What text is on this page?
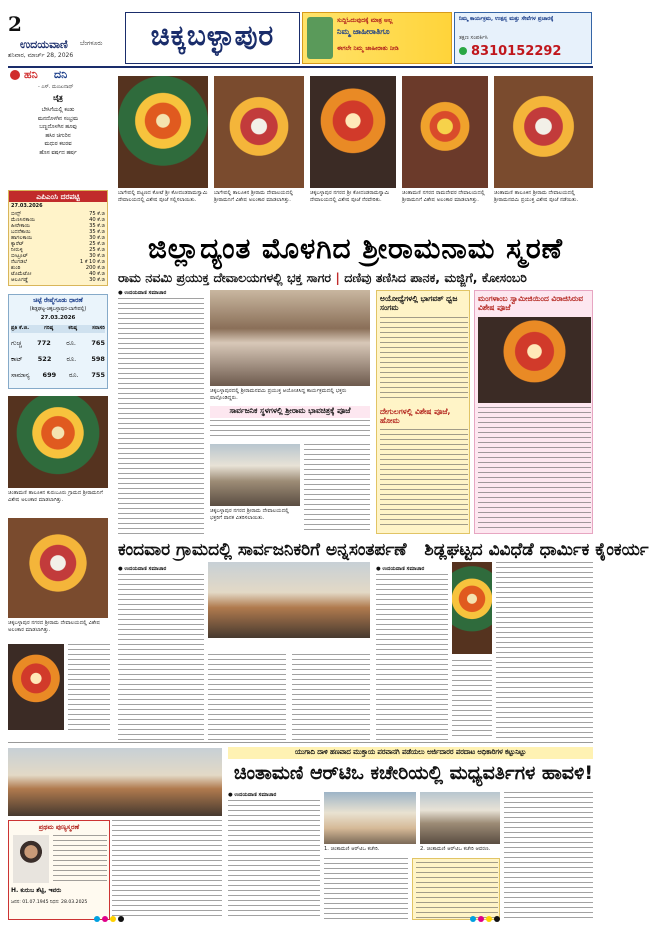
2
ಉದಯವಾಣಿ ಬೆಂಗಳೂರು
ಶನಿವಾರ, ಮಾರ್ಚ್ 28, 2026
ಚಿಕ್ಕಬಳ್ಳಾಪುರ	ಸುದ್ದಿಓದುವುದಕ್ಕೆ ಮಾತ್ರ ಅಲ್ಲ
ನಿಮ್ಮ ಜಾಹೀರಾತಿಗೂ
ಈಗಲೇ ನಿಮ್ಮ ಜಾಹೀರಾತು ನೀಡಿ
ನಿಮ್ಮ ಕಾರ್ಯಕ್ರಮ, ಉತ್ಪನ್ನ ಮತ್ತು ಸೇವೆಗಳ ಪ್ರಚಾರಕ್ಕೆ
ತಕ್ಷಣ ಸಂಪರ್ಕಿಸಿ
8310152292
ಹನಿ ದನಿ
- ಎಸ್. ಮಂಜುನಾಥ್
ಚೈತ್ರ
ಬೇಸಿಗೆಯಲ್ಲಿ ಕಂಡು
ಮನದೊಳಗಿನ ಸಂಭ್ರಮ
ಬಣ್ಣದೊಳಗಿನ ಹೂವು
ಹಸಿರ ಚಿಗುರಿನ
ಮಧುರ ಕಲರವ
ಹೊಸ ವರ್ಷದ ಹರ್ಷ
ಎಪಿಎಂಸಿ ದರಪಟ್ಟಿ
27.03.2026
ಬೀನ್ಸ್	75 ಕೆ.ಜಿ
ಮೆಣಸಿನಕಾಯಿ	40 ಕೆ.ಜಿ
ಹೀರೇಕಾಯಿ	35 ಕೆ.ಜಿ
ಬದನೆಕಾಯಿ	35 ಕೆ.ಜಿ
ಹಾಗಲಕಾಯಿ	30 ಕೆ.ಜಿ
ಕ್ಯಾರೆಟ್	25 ಕೆ.ಜಿ
ನೀರುಳ್ಳಿ	25 ಕೆ.ಜಿ
ಬೀಟ್ರೂಟ್	30 ಕೆ.ಜಿ
ನೆಲಗಡಲೆ	1 ಕೆ 10 ಕೆ.ಜಿ
ಶುಂಠಿ	200 ಕೆ.ಜಿ
ಟೊಮೆಟೋ	40 ಕೆ.ಜಿ
ಆಲೂಗಡ್ಡೆ	30 ಕೆ.ಜಿ
ಚಿಟ್ಟೆ ರೇಷ್ಮೆಗೂಡು ಧಾರಣೆ
(ಶಿಡ್ಲಘಟ್ಟ-ಚಿಕ್ಕಬಳ್ಳಾಪುರ-ಬಾಗೇಪಲ್ಲಿ)
27.03.2026
ಪ್ರತಿ ಕೆ.ಜಿ.	ಗರಿಷ್ಠ	ಕನಿಷ್ಠ	ಸರಾಸರಿ
ಗುಚ್ಚ 772 ರೂ. 765
ಕಾಟ್ 522 ರೂ. 598
ಸಾಮಾನ್ಯ 699 ರೂ. 755
ಚಿಂತಾಮಣಿ ತಾಲೂಕಿನ ಕುರುಬೂರು ಗ್ರಾಮದ ಶ್ರೀರಾಮನಿಗೆ ವಿಶೇಷ ಅಲಂಕಾರ ಮಾಡಲಾಗಿತ್ತು.
ಚಿಕ್ಕಬಳ್ಳಾಪುರ ನಗರದ ಶ್ರೀರಾಮ ದೇವಾಲಯದಲ್ಲಿ ವಿಶೇಷ ಅಲಂಕಾರ ಮಾಡಲಾಗಿತ್ತು.
ಬಾಗೇಪಲ್ಲಿ ಪಟ್ಟಣದ ಕೋಟೆ ಶ್ರೀ ಕೋದಂಡರಾಮಸ್ವಾಮಿ ದೇವಾಲಯದಲ್ಲಿ ವಿಶೇಷ ಪೂಜೆ ಸಲ್ಲಿಸಲಾಯಿತು.
ಬಾಗೇಪಲ್ಲಿ ತಾಲೂಕಿನ ಶ್ರೀರಾಮ ದೇವಾಲಯದಲ್ಲಿ ಶ್ರೀರಾಮನಿಗೆ ವಿಶೇಷ ಅಲಂಕಾರ ಮಾಡಲಾಗಿತ್ತು.
ಚಿಕ್ಕಬಳ್ಳಾಪುರ ನಗರದ ಶ್ರೀ ಕೋದಂಡರಾಮಸ್ವಾಮಿ ದೇವಾಲಯದಲ್ಲಿ ವಿಶೇಷ ಪೂಜೆ ನೆರವೇರಿತು.
ಚಿಂತಾಮಣಿ ನಗರದ ರಾಮದೇವರ ದೇವಾಲಯದಲ್ಲಿ ಶ್ರೀರಾಮನಿಗೆ ವಿಶೇಷ ಅಲಂಕಾರ ಮಾಡಲಾಗಿತ್ತು.
ಚಿಂತಾಮಣಿ ತಾಲೂಕಿನ ಶ್ರೀರಾಮ ದೇವಾಲಯದಲ್ಲಿ ಶ್ರೀರಾಮನವಮಿ ಪ್ರಯುಕ್ತ ವಿಶೇಷ ಪೂಜೆ ನಡೆಯಿತು.
ಜಿಲ್ಲಾದ್ಯಂತ ಮೊಳಗಿದ ಶ್ರೀರಾಮನಾಮ ಸ್ಮರಣೆ
ರಾಮ ನವಮಿ ಪ್ರಯುಕ್ತ ದೇವಾಲಯಗಳಲ್ಲಿ ಭಕ್ತ ಸಾಗರ | ದಣಿವು ತಣಿಸಿದ ಪಾನಕ, ಮಜ್ಜಿಗೆ, ಕೋಸಂಬರಿ
● ಉದಯವಾಣಿ ಸಮಾಚಾರ
ಚಿಕ್ಕಬಳ್ಳಾಪುರದಲ್ಲಿ ಶ್ರೀರಾಮನವಮಿ ಪ್ರಯುಕ್ತ ಆಯೋಜಿಸಿದ್ದ ಕಾರ್ಯಕ್ರಮದಲ್ಲಿ ಭಕ್ತರು ಪಾಲ್ಗೊಂಡಿದ್ದರು.
ಸಾರ್ವಜನಿಕ ಸ್ಥಳಗಳಲ್ಲಿ ಶ್ರೀರಾಮ ಭಾವಚಿತ್ರಕ್ಕೆ ಪೂಜೆ
ಚಿಕ್ಕಬಳ್ಳಾಪುರ ನಗರದ ಶ್ರೀರಾಮ ದೇವಾಲಯದಲ್ಲಿ ಭಕ್ತರಿಗೆ ಪಾನಕ ವಿತರಿಸಲಾಯಿತು.
ಅಯೋಧ್ಯೆಗಳಲ್ಲಿ ಭಾಗವತ್ ಧ್ವಜ ಸಂಗಮ
ದೇಗುಲಗಳಲ್ಲಿ ವಿಶೇಷ ಪೂಜೆ, ಹೋಮ
ಮಂಗಳಾಂಬ ಸ್ವಾಮೀಜಿಯಿಂದ ವಿರಾಜಿಸಿರುವ ವಿಶೇಷ ಪೂಜೆ
ಕಂದವಾರ ಗ್ರಾಮದಲ್ಲಿ ಸಾರ್ವಜನಿಕರಿಗೆ ಅನ್ನಸಂತರ್ಪಣೆ ಶಿಡ್ಲಘಟ್ಟದ ವಿವಿಧೆಡೆ ಧಾರ್ಮಿಕ ಕೈಂಕರ್ಯ
● ಉದಯವಾಣಿ ಸಮಾಚಾರ	● ಉದಯವಾಣಿ ಸಮಾಚಾರ
ಯುಗಾದಿ ದಾಳಿ ಹಣವಾದ ಮುಕ್ತಾಯ ಪರವಾನಗಿ ಪಡೆಯಲು ಅರ್ಜಿದಾರರ ಪರದಾಟ ಅಧಿಕಾರಿಗಳ ಕಟ್ಟುನಿಟ್ಟು
ಚಿಂತಾಮಣಿ ಆರ್‌ಟಿಒ ಕಚೇರಿಯಲ್ಲಿ ಮಧ್ಯವರ್ತಿಗಳ ಹಾವಳಿ!
ಪ್ರಥಮ ಪುಣ್ಯಸ್ಮರಣೆ
H. ಕುರುಬ ಶೆಟ್ಟಿ, ಇವರು
ಜನನ: 01.07.1945 ನಿಧನ: 28.03.2025
● ಉದಯವಾಣಿ ಸಮಾಚಾರ
1. ಚಿಂತಾಮಣಿ ಆರ್‌ಟಿಒ ಕಚೇರಿ.	2. ಚಿಂತಾಮಣಿ ಆರ್‌ಟಿಒ ಕಚೇರಿ ಆವರಣ.
